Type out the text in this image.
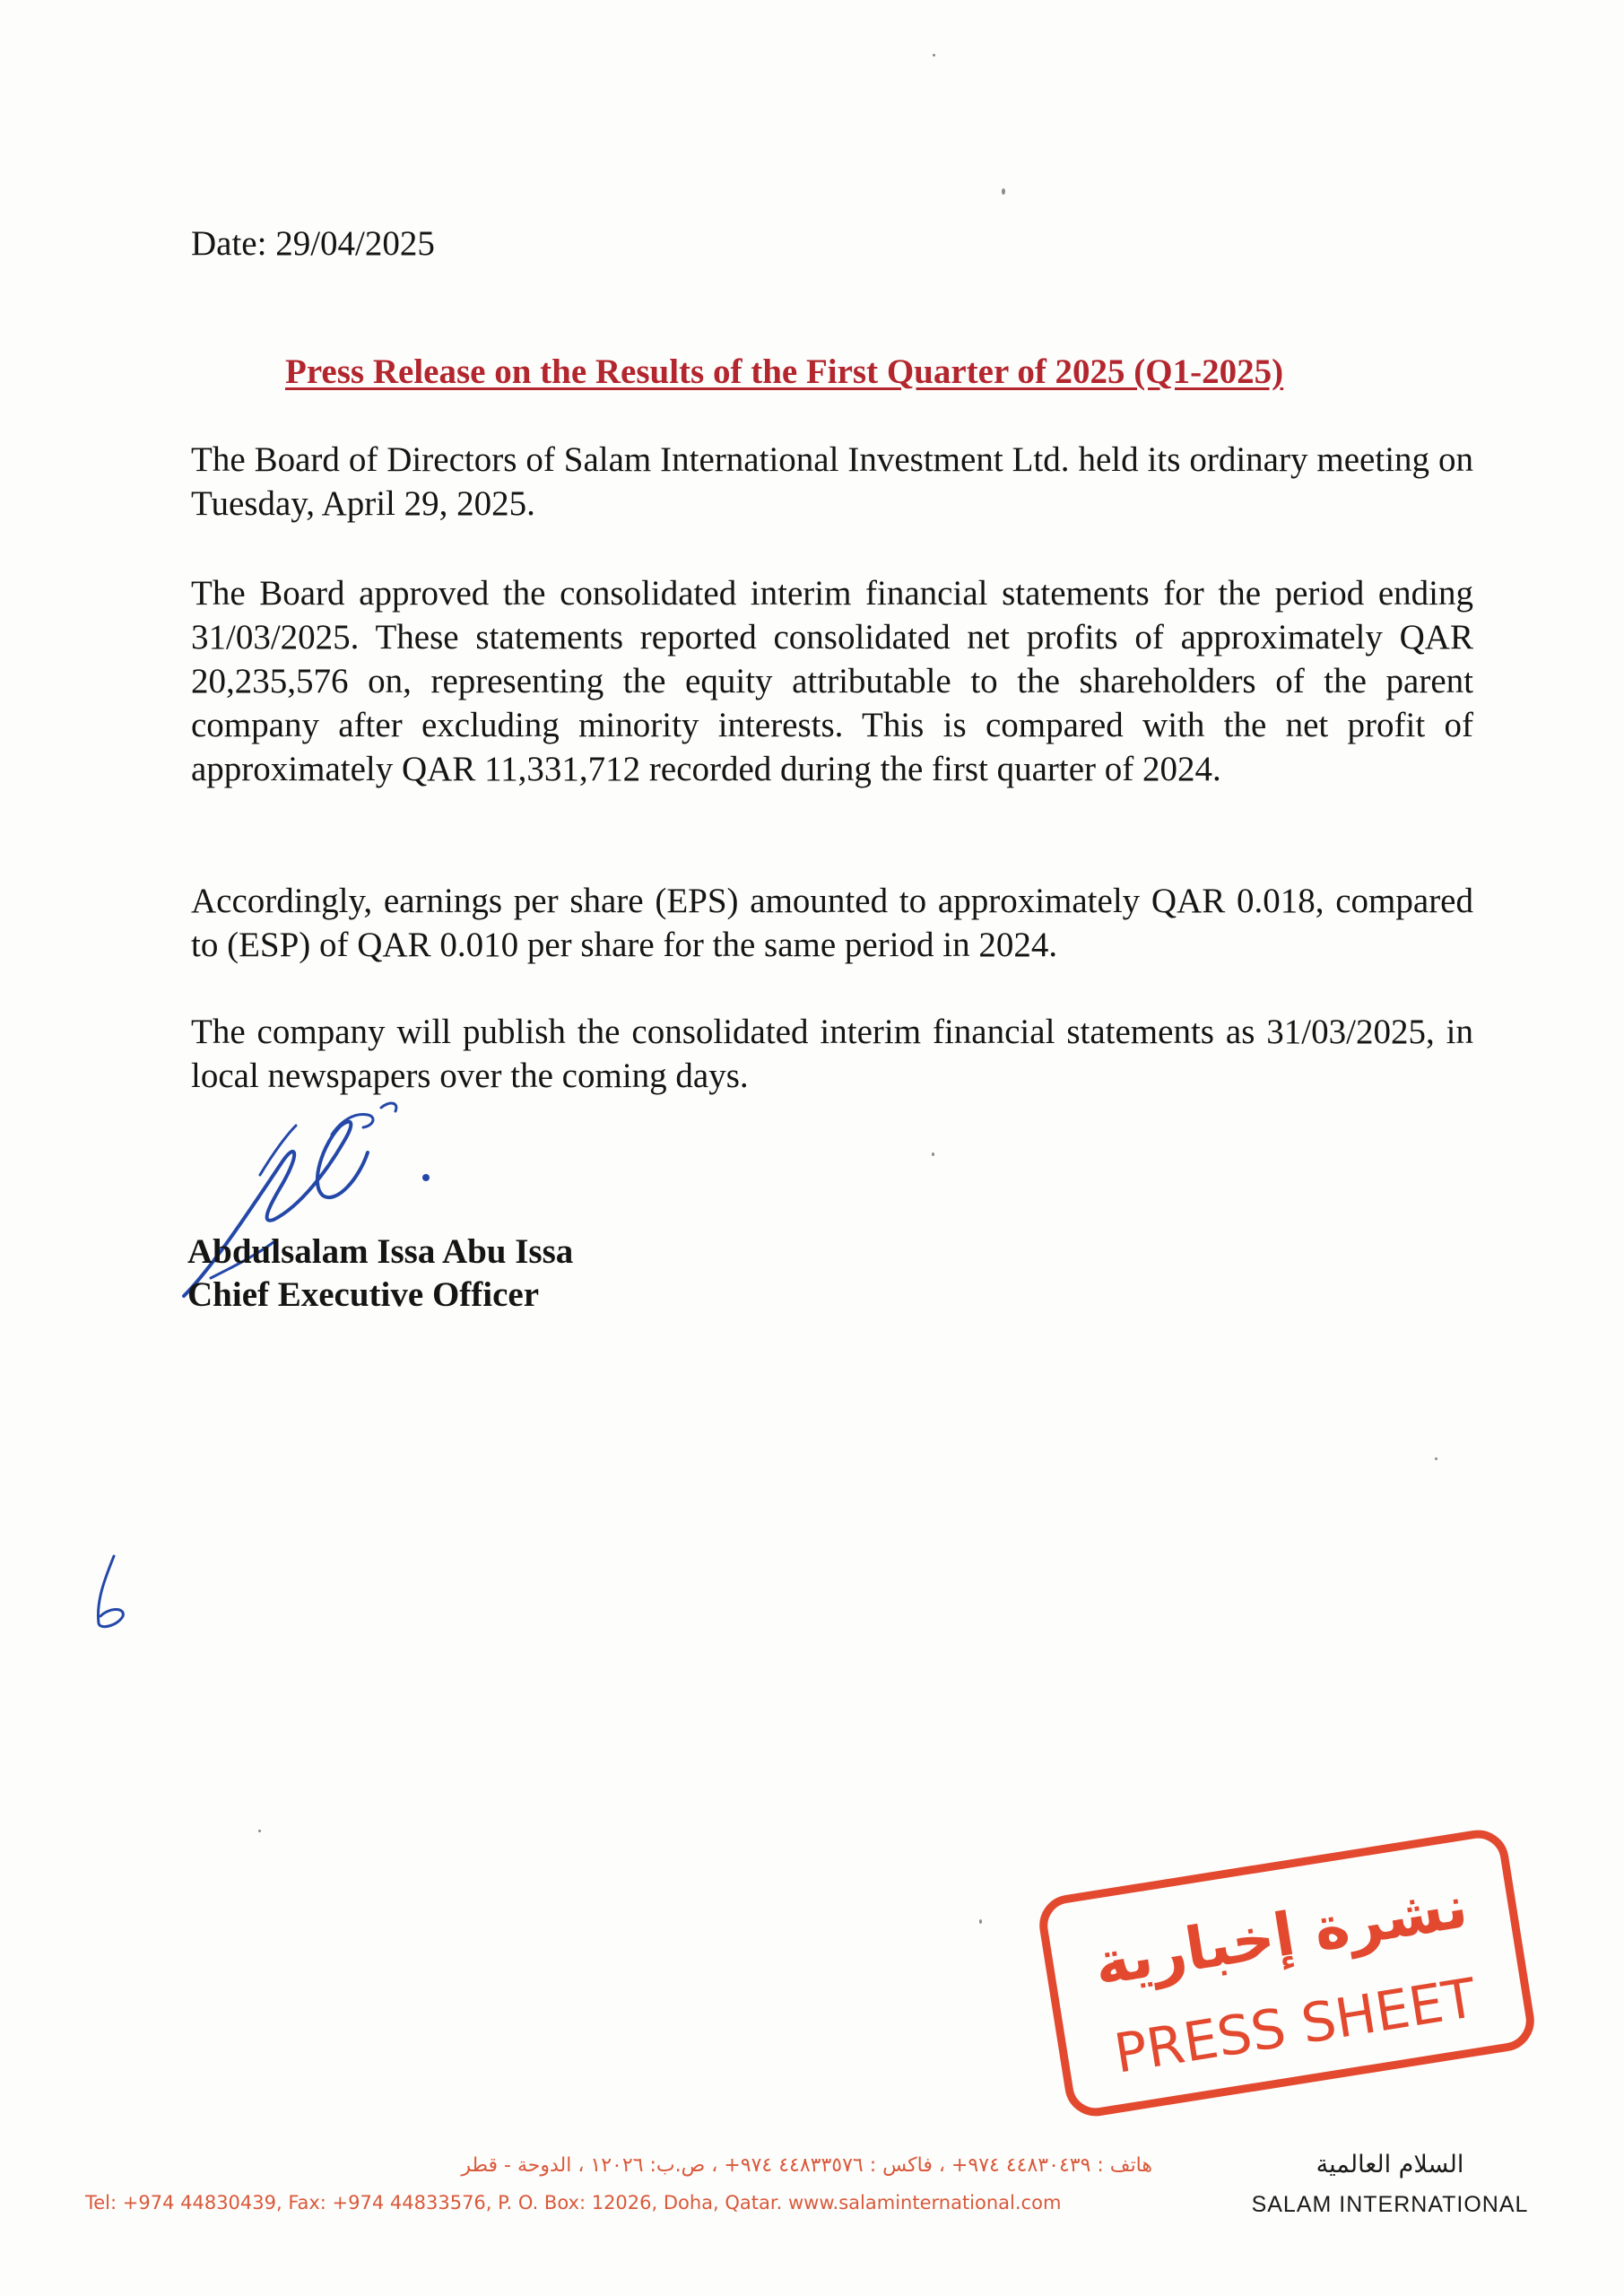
Date: 29/04/2025
Press Release on the Results of the First Quarter of 2025 (Q1-2025)
The Board of Directors of Salam International Investment Ltd. held its ordinary meeting on Tuesday, April 29, 2025.
The Board approved the consolidated interim financial statements for the period ending 31/03/2025. These statements reported consolidated net profits of approximately QAR 20,235,576 on, representing the equity attributable to the shareholders of the parent company after excluding minority interests. This is compared with the net profit of approximately QAR 11,331,712 recorded during the first quarter of 2024.
Accordingly, earnings per share (EPS) amounted to approximately QAR 0.018, compared to (ESP) of QAR 0.010 per share for the same period in 2024.
The company will publish the consolidated interim financial statements as 31/03/2025, in local newspapers over the coming days.
Abdulsalam Issa Abu Issa
Chief Executive Officer
نشرة إخبارية
PRESS SHEET
هاتف : ٤٤٨٣٠٤٣٩ ٩٧٤+ ، فاكس : ٤٤٨٣٣٥٧٦ ٩٧٤+ ، ص.ب: ١٢٠٢٦ ، الدوحة - قطر
Tel: +974 44830439, Fax: +974 44833576, P. O. Box: 12026, Doha, Qatar. www.salaminternational.com
السلام العالمية
SALAM INTERNATIONAL
